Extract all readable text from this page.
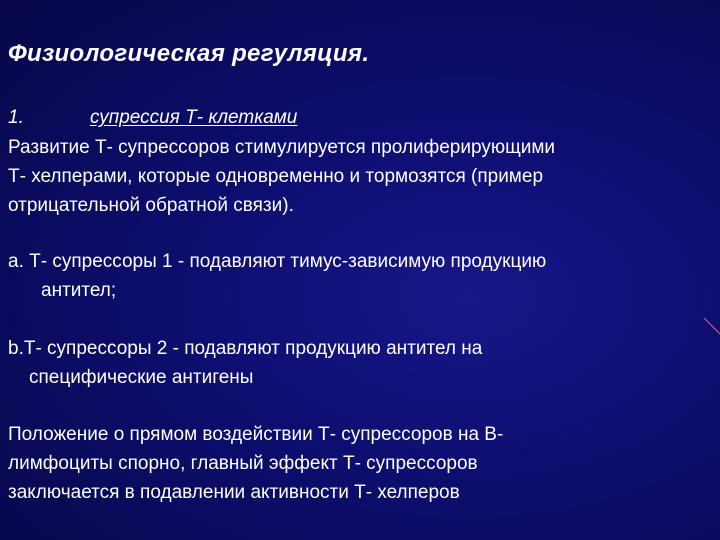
Физиологическая регуляция.
1.	супрессия Т- клетками
Развитие Т- супрессоров стимулируется пролиферирующими
Т- хелперами, которые одновременно и тормозятся (пример
отрицательной обратной связи).
a. Т- супрессоры 1 - подавляют тимус-зависимую продукцию
антител;
b.Т- супрессоры 2 - подавляют продукцию антител на
специфические антигены
Положение о прямом воздействии Т- супрессоров на В-
лимфоциты спорно, главный эффект Т- супрессоров
заключается в подавлении активности Т- хелперов
